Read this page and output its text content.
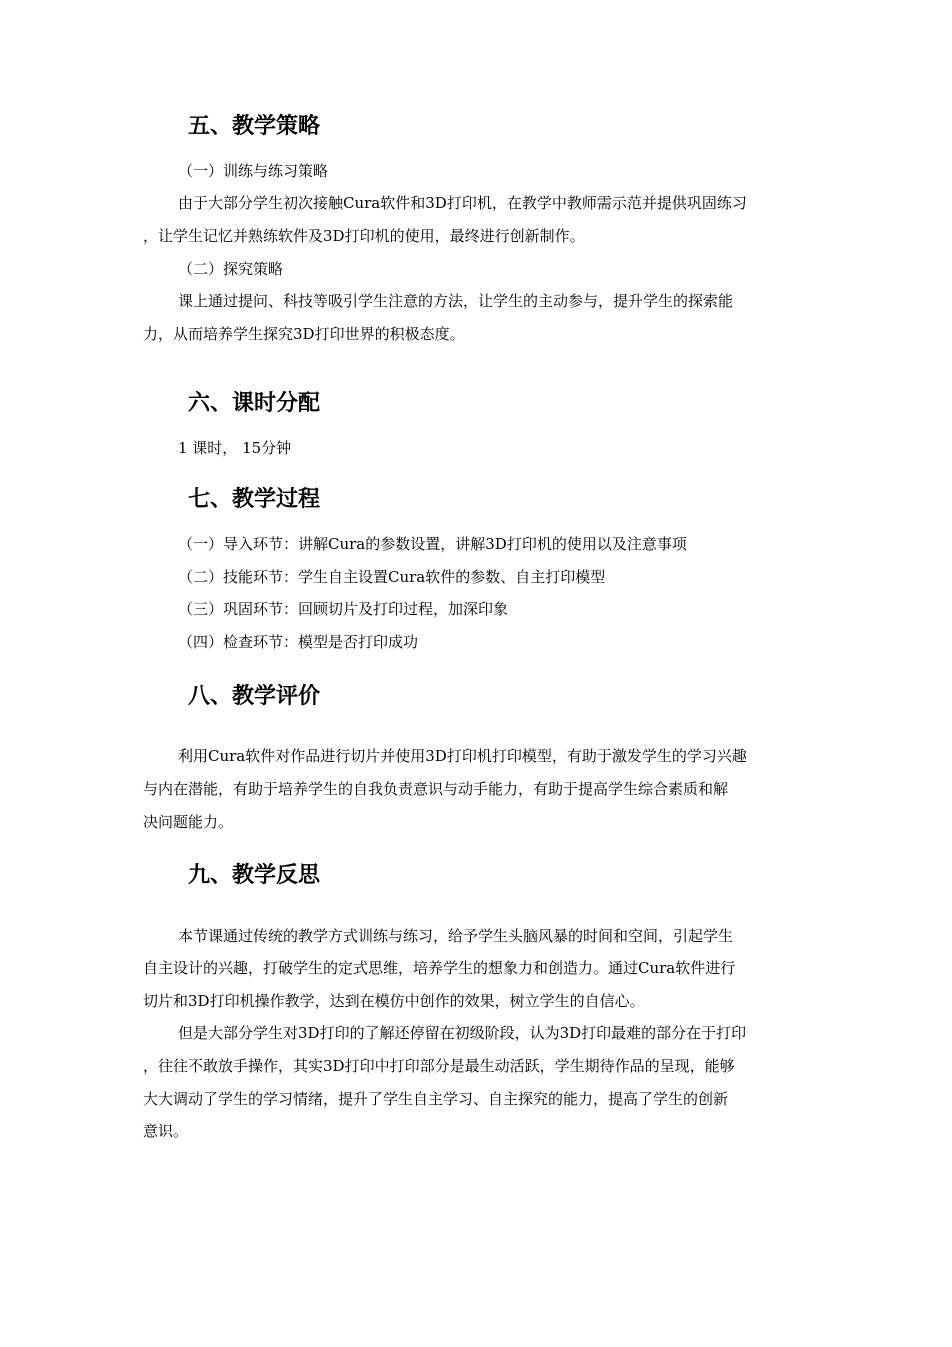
五、教学策略

（一）训练与练习策略

由于大部分学生初次接触Cura软件和3D打印机，在教学中教师需示范并提供巩固练习

，让学生记忆并熟练软件及3D打印机的使用，最终进行创新制作。

（二）探究策略

课上通过提问、科技等吸引学生注意的方法，让学生的主动参与，提升学生的探索能

力，从而培养学生探究3D打印世界的积极态度。

六、课时分配

1 课时， 15分钟

七、教学过程

（一）导入环节：讲解Cura的参数设置，讲解3D打印机的使用以及注意事项

（二）技能环节：学生自主设置Cura软件的参数、自主打印模型

（三）巩固环节：回顾切片及打印过程，加深印象

（四）检查环节：模型是否打印成功

八、教学评价

利用Cura软件对作品进行切片并使用3D打印机打印模型，有助于激发学生的学习兴趣

与内在潜能，有助于培养学生的自我负责意识与动手能力，有助于提高学生综合素质和解

决问题能力。

九、教学反思

本节课通过传统的教学方式训练与练习，给予学生头脑风暴的时间和空间，引起学生

自主设计的兴趣，打破学生的定式思维，培养学生的想象力和创造力。通过Cura软件进行

切片和3D打印机操作教学，达到在模仿中创作的效果，树立学生的自信心。

但是大部分学生对3D打印的了解还停留在初级阶段，认为3D打印最难的部分在于打印

，往往不敢放手操作，其实3D打印中打印部分是最生动活跃，学生期待作品的呈现，能够

大大调动了学生的学习情绪，提升了学生自主学习、自主探究的能力，提高了学生的创新

意识。
